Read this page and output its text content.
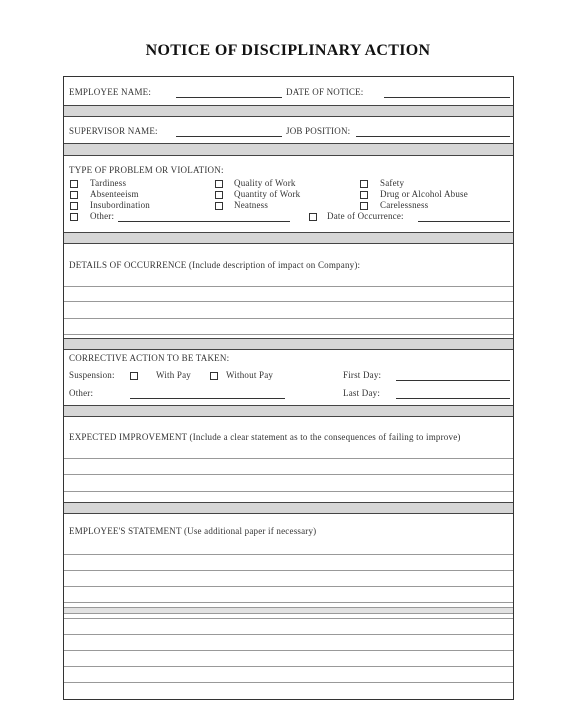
NOTICE OF DISCIPLINARY ACTION
EMPLOYEE NAME:	DATE OF NOTICE:
SUPERVISOR NAME:	JOB POSITION:
TYPE OF PROBLEM OR VIOLATION:
Tardiness
Absenteeism
Insubordination
Other:
Quality of Work
Quantity of Work
Neatness
Safety
Drug or Alcohol Abuse
Carelessness
Date of Occurrence:
DETAILS OF OCCURRENCE (Include description of impact on Company):
CORRECTIVE ACTION TO BE TAKEN:
Suspension:	With Pay	Without Pay	First Day:
Other:	Last Day:
EXPECTED IMPROVEMENT (Include a clear statement as to the consequences of failing to improve)
EMPLOYEE'S STATEMENT (Use additional paper if necessary)
